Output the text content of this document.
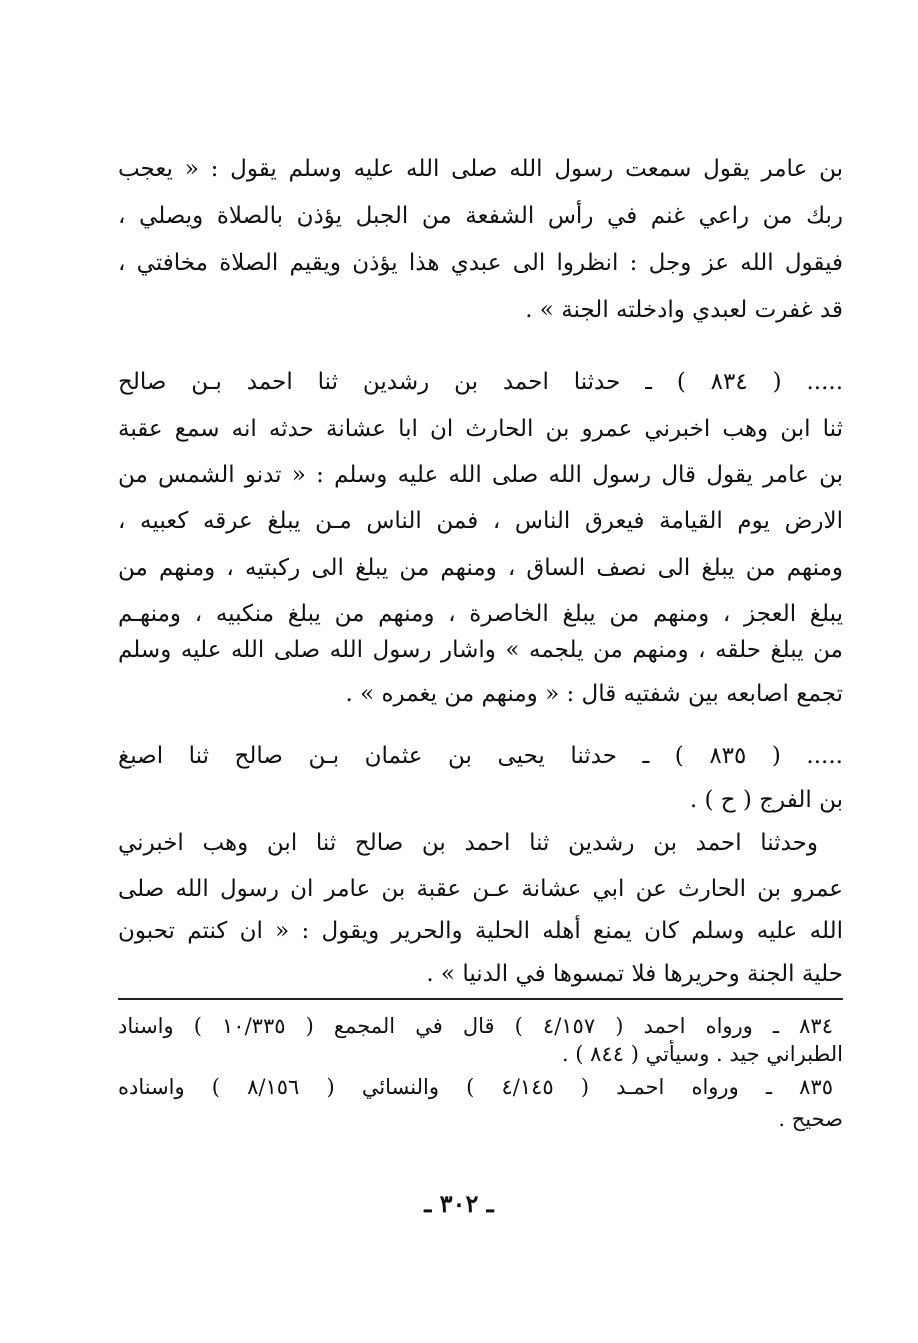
بن عامر يقول سمعت رسول الله صلى الله عليه وسلم يقول : « يعجب
ربك من راعي غنم في رأس الشفعة من الجبل يؤذن بالصلاة ويصلي ،
فيقول الله عز وجل : انظروا الى عبدي هذا يؤذن ويقيم الصلاة مخافتي ،
قد غفرت لعبدي وادخلته الجنة » .
..... ( ٨٣٤ ) ـ حدثنا احمد بن رشدين ثنا احمد بـن صالح
ثنا ابن وهب اخبرني عمرو بن الحارث ان ابا عشانة حدثه انه سمع عقبة
بن عامر يقول قال رسول الله صلى الله عليه وسلم : « تدنو الشمس من
الارض يوم القيامة فيعرق الناس ، فمن الناس مـن يبلغ عرقه كعبيه ،
ومنهم من يبلغ الى نصف الساق ، ومنهم من يبلغ الى ركبتيه ، ومنهم من
يبلغ العجز ، ومنهم من يبلغ الخاصرة ، ومنهم من يبلغ منكبيه ، ومنهـم
من يبلغ حلقه ، ومنهم من يلجمه » واشار رسول الله صلى الله عليه وسلم
تجمع اصابعه بين شفتيه قال : « ومنهم من يغمره » .
..... ( ٨٣٥ ) ـ حدثنا يحيى بن عثمان بـن صالح ثنا اصبغ
بن الفرج ( ح ) .
وحدثنا احمد بن رشدين ثنا احمد بن صالح ثنا ابن وهب اخبرني
عمرو بن الحارث عن ابي عشانة عـن عقبة بن عامر ان رسول الله صلى
الله عليه وسلم كان يمنع أهله الحلية والحرير ويقول : « ان كنتم تحبون
حلية الجنة وحريرها فلا تمسوها في الدنيا » .
٨٣٤ ـ ورواه احمد ( ٤/١٥٧ ) قال في المجمع ( ١٠/٣٣٥ ) واسناد
الطبراني جيد . وسيأتي ( ٨٤٤ ) .
٨٣٥ ـ ورواه احمـد ( ٤/١٤٥ ) والنسائي ( ٨/١٥٦ ) واسناده
صحيح .
ـ ٣٠٢ ـ
